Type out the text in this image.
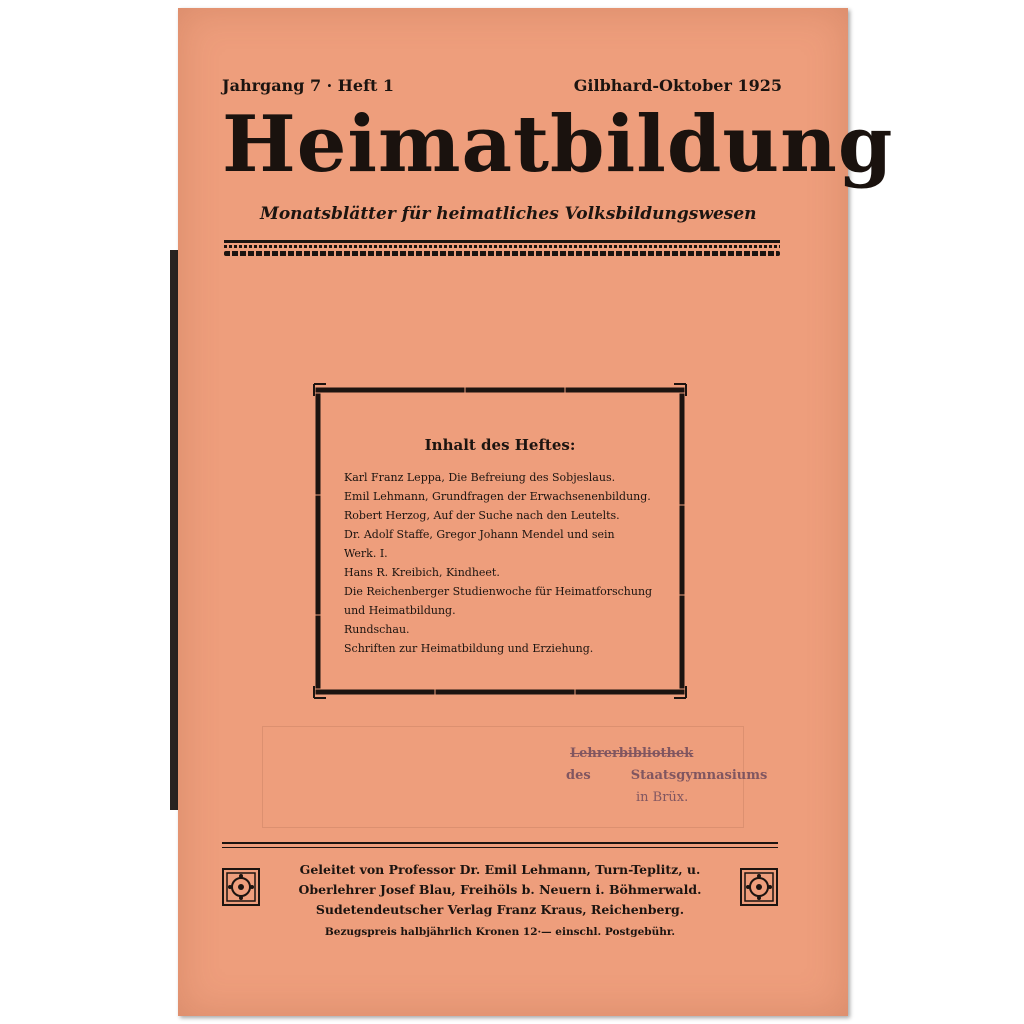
Jahrgang 7 · Heft 1	Gilbhard-Oktober 1925
Heimatbildung
Monatsblätter für heimatliches Volksbildungswesen
Inhalt des Heftes:
Karl Franz Leppa, Die Befreiung des Sobjeslaus.
Emil Lehmann, Grundfragen der Erwachsenenbildung.
Robert Herzog, Auf der Suche nach den Leutelts.
Dr. Adolf Staffe, Gregor Johann Mendel und sein
Werk. I.
Hans R. Kreibich, Kindheet.
Die Reichenberger Studienwoche für Heimatforschung
und Heimatbildung.
Rundschau.
Schriften zur Heimatbildung und Erziehung.
Lehrerbibliothek
des	Staatsgymnasiums
in Brüx.
Geleitet von Professor Dr. Emil Lehmann, Turn-Teplitz, u.
Oberlehrer Josef Blau, Freihöls b. Neuern i. Böhmerwald.
Sudetendeutscher Verlag Franz Kraus, Reichenberg.
Bezugspreis halbjährlich Kronen 12·— einschl. Postgebühr.
